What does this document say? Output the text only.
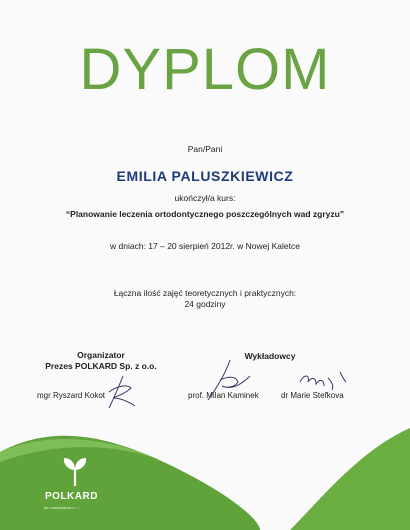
DYPLOM
Pan/Pani
EMILIA PALUSZKIEWICZ
ukończył/a kurs:
“Planowanie leczenia ortodontycznego poszczególnych wad zgryzu”
w dniach: 17 – 20 sierpień 2012r. w Nowej Kaletce
Łączna ilość zajęć teoretycznych i praktycznych:
24 godziny
Organizator
Prezes POLKARD Sp. z o.o.
Wykładowcy
mgr Ryszard Kokot	prof. Milan Kaminek	dr Marie Stefkova
POLKARD
ten zaświadcza o .....
